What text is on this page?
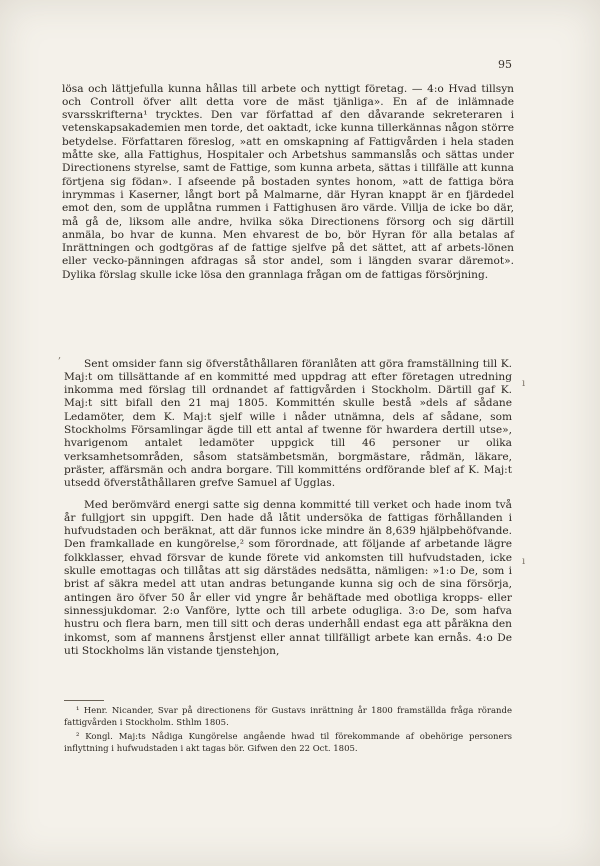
95

lösa och lättjefulla kunna hållas till arbete och nyttigt företag. — 4:o Hvad tillsyn och Controll öfver allt detta vore de mäst tjänliga». En af de inlämnade svarsskrifterna¹ trycktes. Den var författad af den dåvarande sekreteraren i vetenskapsakademien men torde, det oaktadt, icke kunna tillerkännas någon större betydelse. Författaren föreslog, »att en omskapning af Fattigvården i hela staden måtte ske, alla Fattighus, Hospitaler och Arbetshus sammanslås och sättas under Directionens styrelse, samt de Fattige, som kunna arbeta, sättas i tillfälle att kunna förtjena sig födan». I afseende på bostaden syntes honom, »att de fattiga böra inrymmas i Kaserner, långt bort på Malmarne, där Hyran knappt är en fjärdedel emot den, som de upplåtna rummen i Fattighusen äro värde. Villja de icke bo där, må gå de, liksom alle andre, hvilka söka Directionens försorg och sig därtill anmäla, bo hvar de kunna. Men ehvarest de bo, bör Hyran för alla betalas af Inrättningen och godtgöras af de fattige sjelfve på det sättet, att af arbets-lönen eller vecko-pänningen afdragas så stor andel, som i längden svarar däremot». Dylika förslag skulle icke lösa den grannlaga frågan om de fattigas försörjning.

Sent omsider fann sig öfverståthållaren föranlåten att göra framställning till K. Maj:t om tillsättande af en kommitté med uppdrag att efter företagen utredning inkomma med förslag till ordnandet af fattigvården i Stockholm. Därtill gaf K. Maj:t sitt bifall den 21 maj 1805. Kommittén skulle bestå »dels af sådane Ledamöter, dem K. Maj:t sjelf wille i nåder utnämna, dels af sådane, som Stockholms Församlingar ägde till ett antal af twenne för hwardera dertill utse», hvarigenom antalet ledamöter uppgick till 46 personer ur olika verksamhetsområden, såsom statsämbetsmän, borgmästare, rådmän, läkare, präster, affärsmän och andra borgare. Till kommitténs ordförande blef af K. Maj:t utsedd öfverståthållaren grefve Samuel af Ugglas.

Med berömvärd energi satte sig denna kommitté till verket och hade inom två år fullgjort sin uppgift. Den hade då låtit undersöka de fattigas förhållanden i hufvudstaden och beräknat, att där funnos icke mindre än 8,639 hjälpbehöfvande. Den framkallade en kungörelse,² som förordnade, att följande af arbetande lägre folkklasser, ehvad försvar de kunde förete vid ankomsten till hufvudstaden, icke skulle emottagas och tillåtas att sig därstädes nedsätta, nämligen: »1:o De, som i brist af säkra medel att utan andras betungande kunna sig och de sina försörja, antingen äro öfver 50 år eller vid yngre år behäftade med obotliga kropps- eller sinnessjukdomar. 2:o Vanföre, lytte och till arbete odugliga. 3:o De, som hafva hustru och flera barn, men till sitt och deras underhåll endast ega att påräkna den inkomst, som af mannens årstjenst eller annat tillfälligt arbete kan ernås. 4:o De uti Stockholms län vistande tjenstehjon,

,
ı
ı
¹ Henr. Nicander, Svar på directionens för Gustavs inrättning år 1800 framställda fråga rörande fattigvården i Stockholm. Sthlm 1805.
² Kongl. Maj:ts Nådiga Kungörelse angående hwad til förekommande af obehörige personers inflyttning i hufwudstaden i akt tagas bör. Gifwen den 22 Oct. 1805.
